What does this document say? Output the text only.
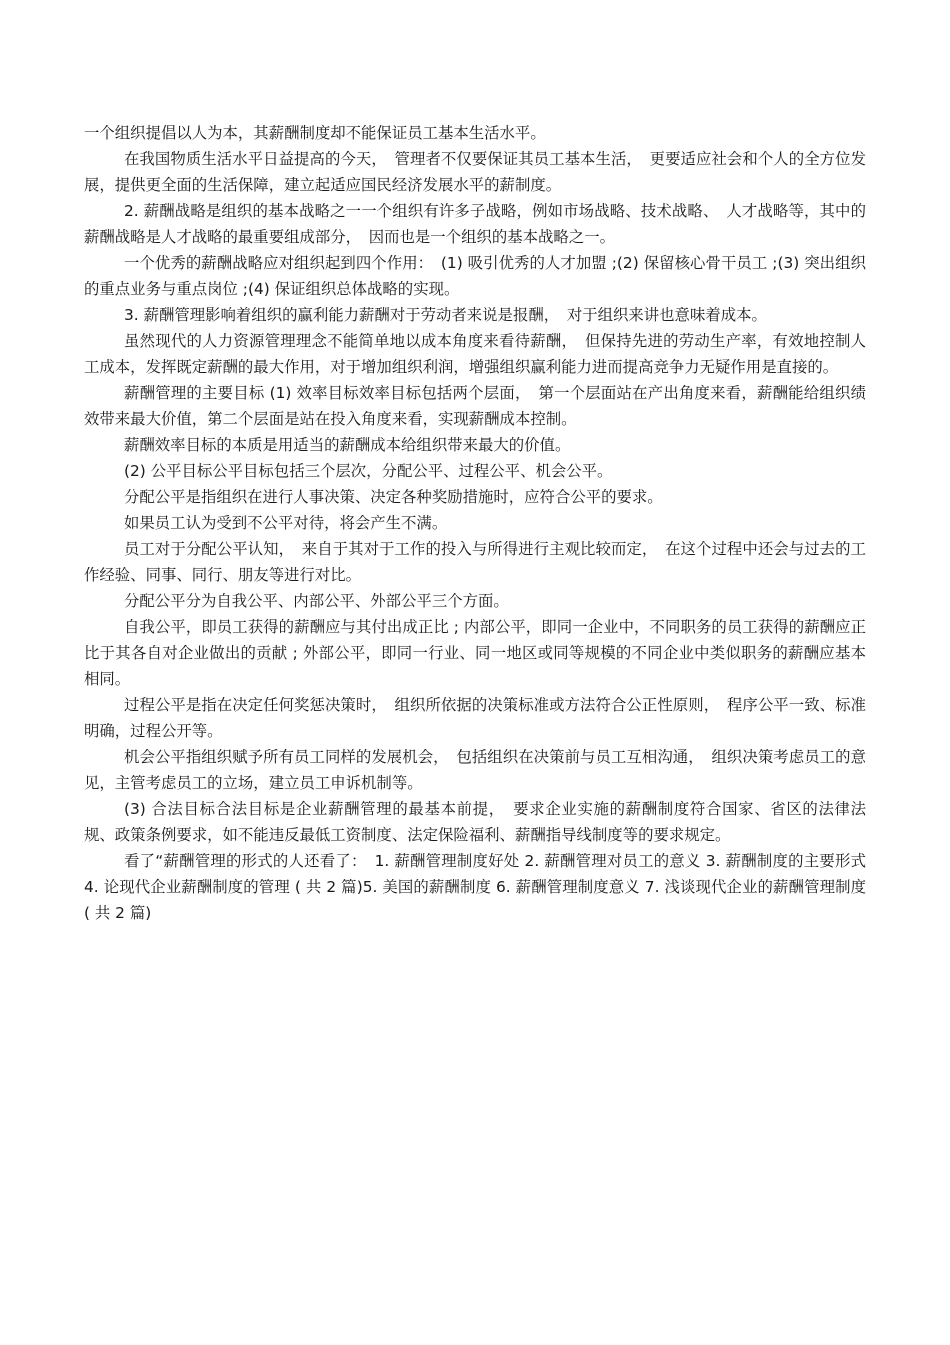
一个组织提倡以人为本，其薪酬制度却不能保证员工基本生活水平。

在我国物质生活水平日益提高的今天，　管理者不仅要保证其员工基本生活，　更要适应社会和个人的全方位发展，提供更全面的生活保障，建立起适应国民经济发展水平的薪制度。

2. 薪酬战略是组织的基本战略之一一个组织有许多子战略，例如市场战略、技术战略、　人才战略等，其中的薪酬战略是人才战略的最重要组成部分，　因而也是一个组织的基本战略之一。

一个优秀的薪酬战略应对组织起到四个作用：　(1) 吸引优秀的人才加盟 ;(2) 保留核心骨干员工 ;(3) 突出组织的重点业务与重点岗位 ;(4) 保证组织总体战略的实现。

3. 薪酬管理影响着组织的赢利能力薪酬对于劳动者来说是报酬，　对于组织来讲也意味着成本。

虽然现代的人力资源管理理念不能简单地以成本角度来看待薪酬，　但保持先进的劳动生产率，有效地控制人工成本，发挥既定薪酬的最大作用，对于增加组织利润，增强组织赢利能力进而提高竞争力无疑作用是直接的。

薪酬管理的主要目标 (1) 效率目标效率目标包括两个层面，　第一个层面站在产出角度来看，薪酬能给组织绩效带来最大价值，第二个层面是站在投入角度来看，实现薪酬成本控制。

薪酬效率目标的本质是用适当的薪酬成本给组织带来最大的价值。

(2) 公平目标公平目标包括三个层次，分配公平、过程公平、机会公平。

分配公平是指组织在进行人事决策、决定各种奖励措施时，应符合公平的要求。

如果员工认为受到不公平对待，将会产生不满。

员工对于分配公平认知，　来自于其对于工作的投入与所得进行主观比较而定，　在这个过程中还会与过去的工作经验、同事、同行、朋友等进行对比。

分配公平分为自我公平、内部公平、外部公平三个方面。

自我公平，即员工获得的薪酬应与其付出成正比 ; 内部公平，即同一企业中，不同职务的员工获得的薪酬应正比于其各自对企业做出的贡献 ; 外部公平，即同一行业、同一地区或同等规模的不同企业中类似职务的薪酬应基本相同。

过程公平是指在决定任何奖惩决策时，　组织所依据的决策标准或方法符合公正性原则，　程序公平一致、标准明确，过程公开等。

机会公平指组织赋予所有员工同样的发展机会，　包括组织在决策前与员工互相沟通，　组织决策考虑员工的意见，主管考虑员工的立场，建立员工申诉机制等。

(3) 合法目标合法目标是企业薪酬管理的最基本前提，　要求企业实施的薪酬制度符合国家、省区的法律法规、政策条例要求，如不能违反最低工资制度、法定保险福利、薪酬指导线制度等的要求规定。

看了“薪酬管理的形式的人还看了：　1. 薪酬管理制度好处 2. 薪酬管理对员工的意义 3. 薪酬制度的主要形式 4. 论现代企业薪酬制度的管理 ( 共 2 篇)5. 美国的薪酬制度 6. 薪酬管理制度意义 7. 浅谈现代企业的薪酬管理制度 ( 共 2 篇)
